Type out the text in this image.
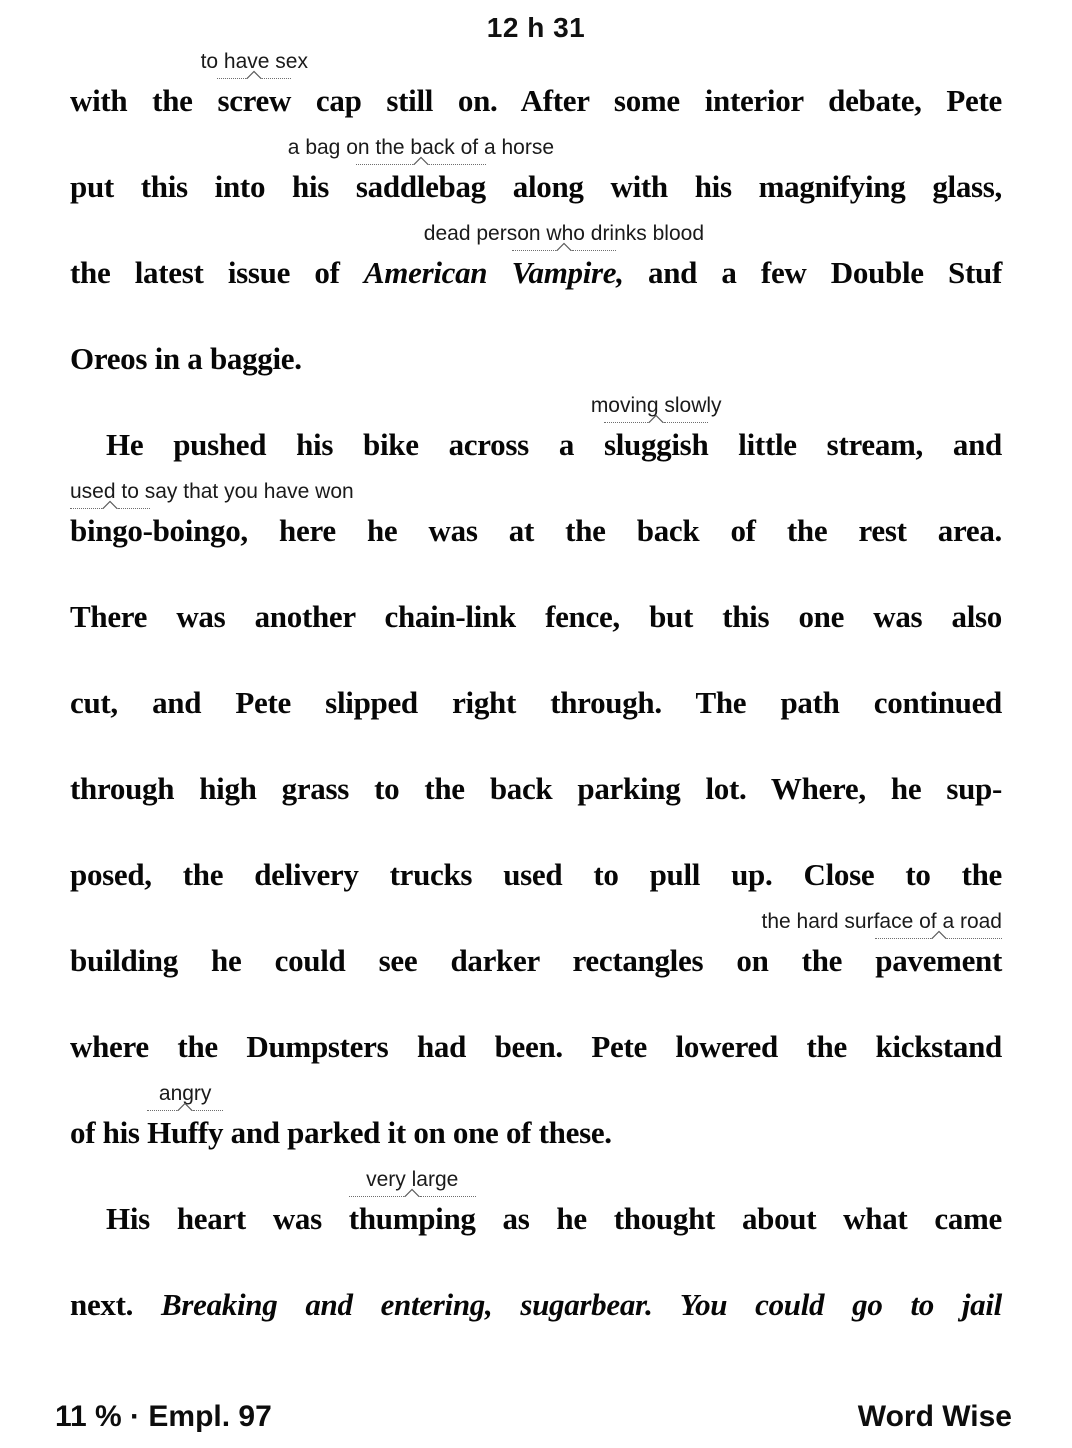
12 h 31
with the
to have sex
screw cap still on. After some interior debate, Pete
put this into his
a bag on the back of a horse
saddlebag along with his magnifying glass,
the latest issue of American
dead person who drinks blood
Vampire, and a few Double Stuf
Oreos in a baggie.
He pushed his bike across a
moving slowly
sluggish little stream, and
used to say that you have won
bingo-boingo, here he was at the back of the rest area.
There was another chain-link fence, but this one was also
cut, and Pete slipped right through. The path continued
through high grass to the back parking lot. Where, he sup-
posed, the delivery trucks used to pull up. Close to the
building he could see darker rectangles on the
the hard surface of a road
pavement
where the Dumpsters had been. Pete lowered the kickstand
of his
angry
Huffy and parked it on one of these.
His heart was
very large
thumping as he thought about what came
next. Breaking and entering, sugarbear. You could go to jail
11 % · Empl. 97	Word Wise
